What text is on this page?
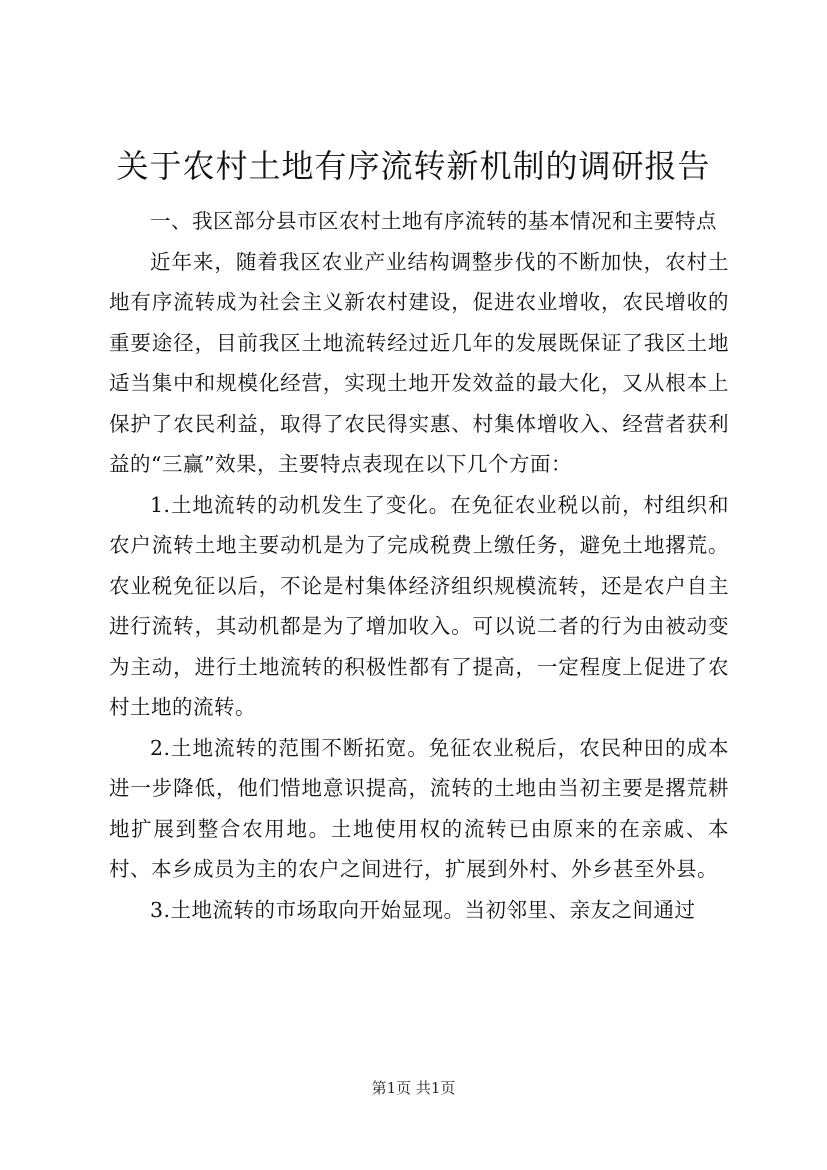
关于农村土地有序流转新机制的调研报告

一、我区部分县市区农村土地有序流转的基本情况和主要特点

近年来，随着我区农业产业结构调整步伐的不断加快，农村土地有序流转成为社会主义新农村建设，促进农业增收，农民增收的重要途径，目前我区土地流转经过近几年的发展既保证了我区土地适当集中和规模化经营，实现土地开发效益的最大化，又从根本上保护了农民利益，取得了农民得实惠、村集体增收入、经营者获利益的“三赢”效果，主要特点表现在以下几个方面：

1.土地流转的动机发生了变化。在免征农业税以前，村组织和农户流转土地主要动机是为了完成税费上缴任务，避免土地撂荒。农业税免征以后，不论是村集体经济组织规模流转，还是农户自主进行流转，其动机都是为了增加收入。可以说二者的行为由被动变为主动，进行土地流转的积极性都有了提高，一定程度上促进了农村土地的流转。

2.土地流转的范围不断拓宽。免征农业税后，农民种田的成本进一步降低，他们惜地意识提高，流转的土地由当初主要是撂荒耕地扩展到整合农用地。土地使用权的流转已由原来的在亲戚、本村、本乡成员为主的农户之间进行，扩展到外村、外乡甚至外县。

3.土地流转的市场取向开始显现。当初邻里、亲友之间通过

第1页 共1页
